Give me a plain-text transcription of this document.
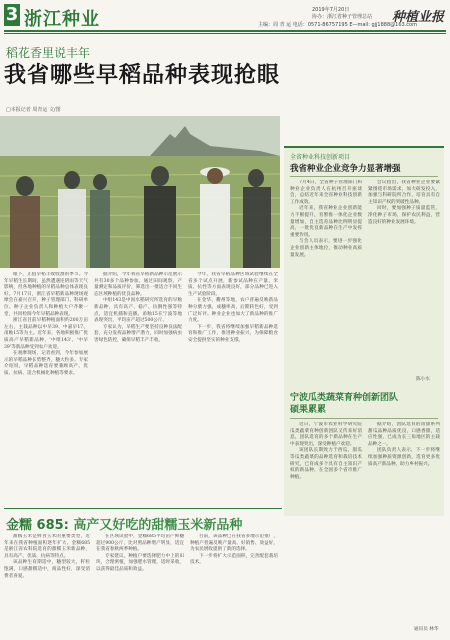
3 浙江种业	2019年7月20日
协办：浙江省种子管理总站
主编：周 青 运 电话：0571-86757195 E—mail: gjj1888@163.com
种植业报
稻花香里说丰年
我省哪些早稻品种表现抢眼
□本报记者 周青运 文/图

眼下，正值早稻丰收收割的季节。今年早稻生长期间，虽然遭遇连阴雨等天气影响，但各地种植的早稻品种总体表现良好。7月17日，浙江省早稻新品种现场观摩会在嘉兴召开，种子管理部门、科研单位、种子企业负责人和种植大户齐聚一堂，共同检阅今年早稻品种表现。

浙江省目前早稻种植面积约200万亩左右，主栽品种以中早39、中嘉早17、甬籼15等为主。近年来，各地积极推广优质高产早稻新品种，'中组143'、'中早39'等新品种受到农户欢迎。

在观摩现场，记者看到，今年参加展示的早稻品种长势整齐，穗大粒多。专家介绍说，早稻品种选育要兼顾高产、优质、抗病、适合机械化种植等要求。

据介绍，今年我省早稻新品种示范展示共有30多个品种参加，通过田间观察、产量测定和品质评价，筛选出一批适合不同生态区域种植的优良品种。

中组143是中国水稻研究所选育的早籼新品种，具有高产、稳产、抗倒性强等特点，适宜机插和直播。甬籼15在宁波等地表现突出，平均亩产超过500公斤。

专家认为，早稻生产要坚持良种良法配套，充分发挥品种增产潜力，同时加强病虫害绿色防控，确保早稻丰产丰收。

今年，我省早稻品种区域试验继续在全省多个试点开展，新参试品种在产量、米质、抗性等方面表现良好，部分品种已进入生产试验阶段。

在金华、衢州等地，农户普遍反映新品种分蘖力强、成穗率高，后期转色好，受到广泛好评。种业企业也加大了新品种的推广力度。

下一步，我省将继续加强早稻新品种选育和推广工作，推进种业振兴，为保障粮食安全提供坚实的种业支撑。

全省种业科技创新项目
我省种业企业竞争力显著增强

7月4日，全省种子管理部门和种业企业负责人在杭州召开座谈会，总结近年来全省种业科技创新工作成效。

近年来，我省种业企业创新能力不断提升，育繁推一体化企业数量增加，自主选育品种比例明显提高，一批优良新品种在生产中发挥重要作用。

与会人员表示，要进一步强化企业创新主体地位，推动种业高质量发展。

会议指出，我省种业企业要紧紧围绕市场需求，加大研发投入，加强与科研院所合作，培育具有自主知识产权的突破性品种。

同时，要加强种子质量监管，净化种子市场，保护农民利益，营造良好的种业发展环境。

陈小水
宁波瓜类蔬菜育种创新团队
硕果累累

近日，宁波市农业科学研究院瓜类蔬菜育种创新团队又传来好消息，团队选育的多个新品种在生产中表现突出，深受种植户欢迎。

该团队长期致力于西瓜、甜瓜等瓜类蔬菜的品种选育和栽培技术研究，已育成多个具有自主知识产权的新品种，在全国多个省市推广种植。

据介绍，团队选育的甬甜系列甜瓜品种品质优良，口感香甜，适应性强，已成为长三角地区的主栽品种之一。

团队负责人表示，下一步将继续加强种质资源创新，选育更多优质高产新品种，助力乡村振兴。

通讯员 林华
金糯 685: 高产又好吃的甜糯玉米新品种

甜糯玉米是鲜食玉米的重要类型，近年来在我省种植面积逐年扩大。金糯685是浙江省农科院选育的甜糯玉米新品种，具有高产、优质、抗病等特点。

该品种生育期适中，穗型较大，籽粒饱满，口感甜糯适中，商品性好，深受消费者喜爱。

在区域试验中，金糯685平均亩产鲜穗超过900公斤，比对照品种增产明显，适宜在我省春秋两季种植。

专家建议，种植户要选择肥力中上的田块，合理密植，加强肥水管理，适时采收，以获得最佳品质和效益。

目前，该品种已在我省多地示范推广，种植户普遍反映产量高、好销售、效益好，为农民增收提供了新的选择。

下一步将扩大示范面积，完善配套栽培技术。
